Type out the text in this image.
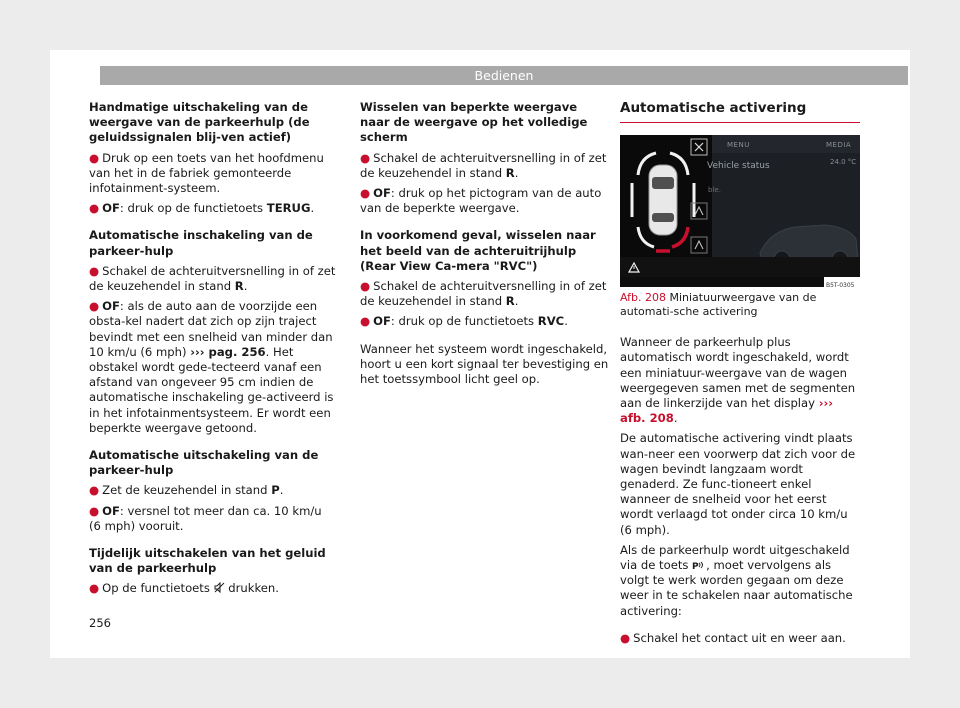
Bedienen
Handmatige uitschakeling van de weergave van de parkeerhulp (de geluidssignalen blij-ven actief)

● Druk op een toets van het hoofdmenu van het in de fabriek gemonteerde infotainment-systeem.

● OF: druk op de functietoets TERUG.

Automatische inschakeling van de parkeer-hulp

● Schakel de achteruitversnelling in of zet de keuzehendel in stand R.

● OF: als de auto aan de voorzijde een obsta-kel nadert dat zich op zijn traject bevindt met een snelheid van minder dan 10 km/u (6 mph) ››› pag. 256. Het obstakel wordt gede-tecteerd vanaf een afstand van ongeveer 95 cm indien de automatische inschakeling ge-activeerd is in het infotainmentsysteem. Er wordt een beperkte weergave getoond.

Automatische uitschakeling van de parkeer-hulp

● Zet de keuzehendel in stand P.

● OF: versnel tot meer dan ca. 10 km/u (6 mph) vooruit.

Tijdelijk uitschakelen van het geluid van de parkeerhulp

● Op de functietoets  drukken.

Wisselen van beperkte weergave naar de weergave op het volledige scherm

● Schakel de achteruitversnelling in of zet de keuzehendel in stand R.

● OF: druk op het pictogram van de auto van de beperkte weergave.

In voorkomend geval, wisselen naar het beeld van de achteruitrijhulp (Rear View Ca-mera "RVC")

● Schakel de achteruitversnelling in of zet de keuzehendel in stand R.

● OF: druk op de functietoets RVC.

Wanneer het systeem wordt ingeschakeld, hoort u een kort signaal ter bevestiging en het toetssymbool licht geel op.

Automatische activering
MENU	MEDIA
Vehicle status	24.0 °C
ble.
B5T-0305
Afb. 208 Miniatuurweergave van de automati-sche activering

Wanneer de parkeerhulp plus automatisch wordt ingeschakeld, wordt een miniatuur-weergave van de wagen weergegeven samen met de segmenten aan de linkerzijde van het display ››› afb. 208.

De automatische activering vindt plaats wan-neer een voorwerp dat zich voor de wagen bevindt langzaam wordt genaderd. Ze func-tioneert enkel wanneer de snelheid voor het eerst wordt verlaagd tot onder circa 10 km/u (6 mph).

Als de parkeerhulp wordt uitgeschakeld via de toets P , moet vervolgens als volgt te werk worden gegaan om deze weer in te schakelen naar automatische activering:

● Schakel het contact uit en weer aan.

256
